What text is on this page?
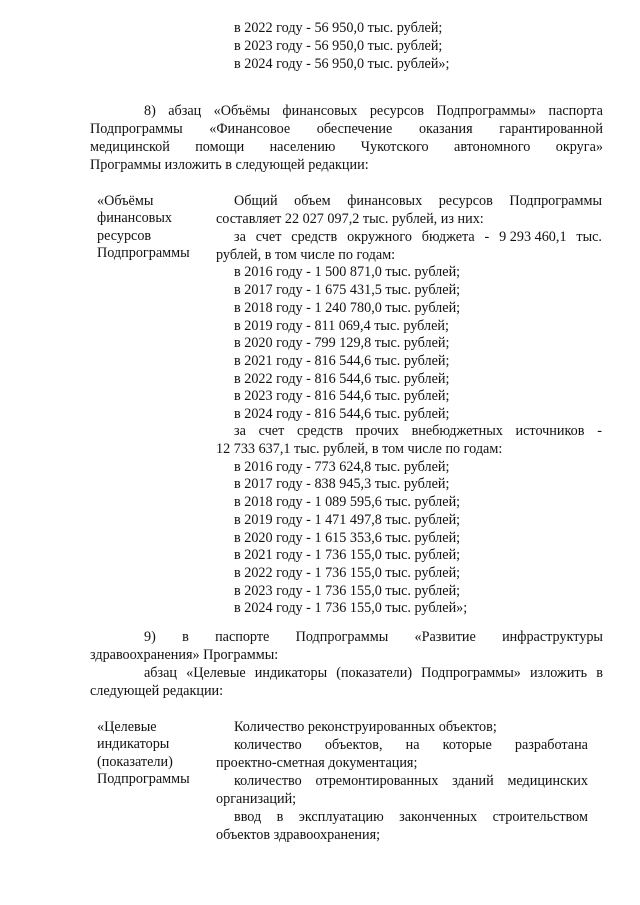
в 2022 году - 56 950,0 тыс. рублей;
в 2023 году - 56 950,0 тыс. рублей;
в 2024 году - 56 950,0 тыс. рублей»;
8) абзац «Объёмы финансовых ресурсов Подпрограммы» паспорта
Подпрограммы «Финансовое обеспечение оказания гарантированной
медицинской помощи населению Чукотского автономного округа»
Программы изложить в следующей редакции:
«Объёмы
финансовых
ресурсов
Подпрограммы
Общий объем финансовых ресурсов Подпрограммы
составляет 22 027 097,2 тыс. рублей, из них:
за счет средств окружного бюджета - 9 293 460,1 тыс.
рублей, в том числе по годам:
в 2016 году - 1 500 871,0 тыс. рублей;
в 2017 году - 1 675 431,5 тыс. рублей;
в 2018 году - 1 240 780,0 тыс. рублей;
в 2019 году - 811 069,4 тыс. рублей;
в 2020 году - 799 129,8 тыс. рублей;
в 2021 году - 816 544,6 тыс. рублей;
в 2022 году - 816 544,6 тыс. рублей;
в 2023 году - 816 544,6 тыс. рублей;
в 2024 году - 816 544,6 тыс. рублей;
за счет средств прочих внебюджетных источников -
12 733 637,1 тыс. рублей, в том числе по годам:
в 2016 году - 773 624,8 тыс. рублей;
в 2017 году - 838 945,3 тыс. рублей;
в 2018 году - 1 089 595,6 тыс. рублей;
в 2019 году - 1 471 497,8 тыс. рублей;
в 2020 году - 1 615 353,6 тыс. рублей;
в 2021 году - 1 736 155,0 тыс. рублей;
в 2022 году - 1 736 155,0 тыс. рублей;
в 2023 году - 1 736 155,0 тыс. рублей;
в 2024 году - 1 736 155,0 тыс. рублей»;
9) в паспорте Подпрограммы «Развитие инфраструктуры
здравоохранения» Программы:
абзац «Целевые индикаторы (показатели) Подпрограммы» изложить в
следующей редакции:
«Целевые
индикаторы
(показатели)
Подпрограммы
Количество реконструированных объектов;
количество объектов, на которые разработана
проектно-сметная документация;
количество отремонтированных зданий медицинских
организаций;
ввод в эксплуатацию законченных строительством
объектов здравоохранения;
